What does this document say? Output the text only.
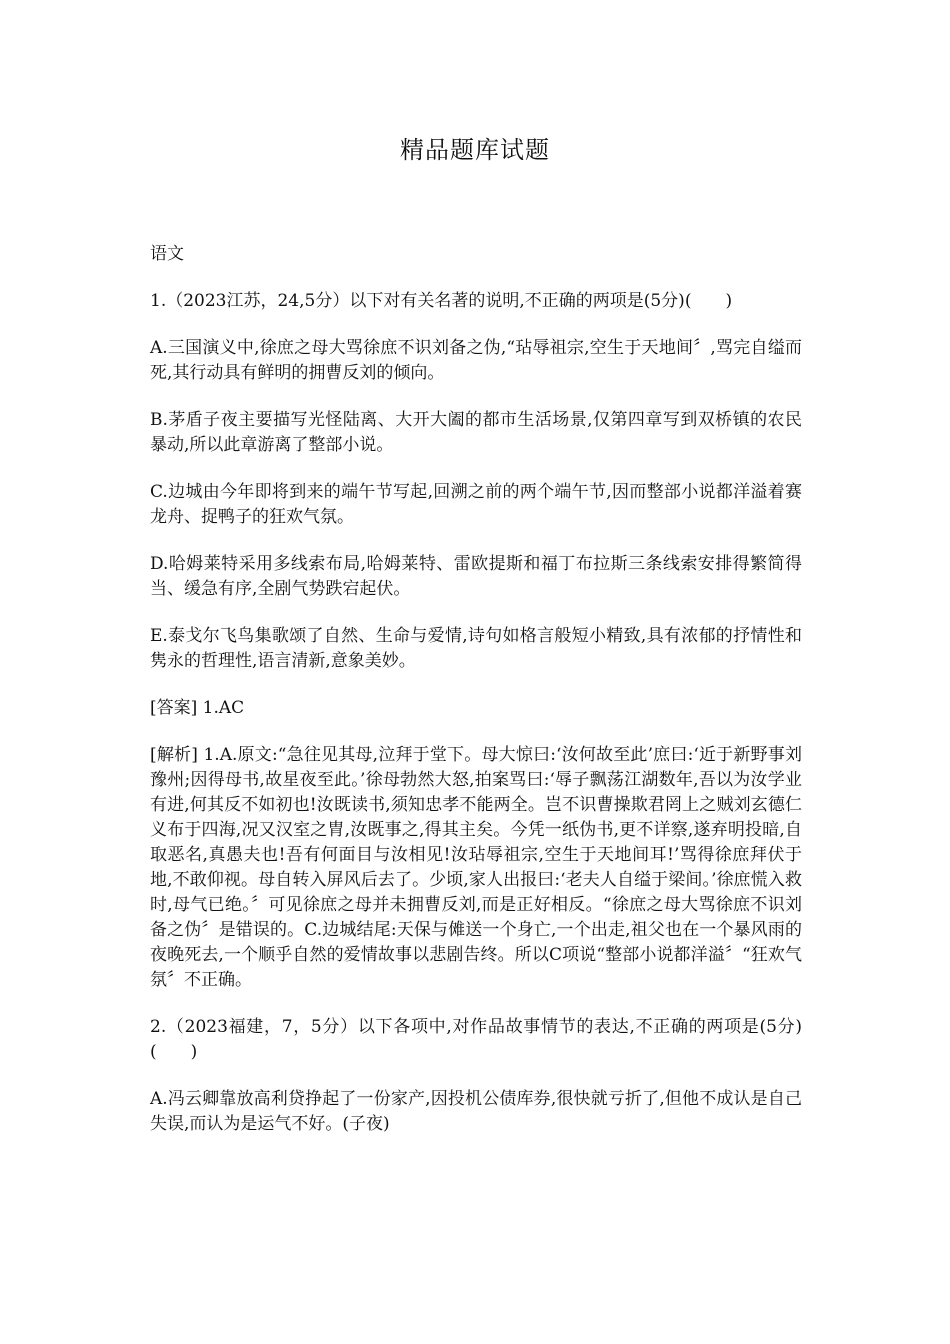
精品题库试题

语文

1.（2023江苏，24,5分）以下对有关名著的说明,不正确的两项是(5分)(　　)

A.三国演义中,徐庶之母大骂徐庶不识刘备之伪,“玷辱祖宗,空生于天地间〞,骂完自缢而死,其行动具有鲜明的拥曹反刘的倾向。

B.茅盾子夜主要描写光怪陆离、大开大阖的都市生活场景,仅第四章写到双桥镇的农民暴动,所以此章游离了整部小说。

C.边城由今年即将到来的端午节写起,回溯之前的两个端午节,因而整部小说都洋溢着赛龙舟、捉鸭子的狂欢气氛。

D.哈姆莱特采用多线索布局,哈姆莱特、雷欧提斯和福丁布拉斯三条线索安排得繁简得当、缓急有序,全剧气势跌宕起伏。

E.泰戈尔飞鸟集歌颂了自然、生命与爱情,诗句如格言般短小精致,具有浓郁的抒情性和隽永的哲理性,语言清新,意象美妙。

[答案] 1.AC

[解析] 1.A.原文:“急往见其母,泣拜于堂下。母大惊曰:‘汝何故至此’庶曰:‘近于新野事刘豫州;因得母书,故星夜至此。’徐母勃然大怒,拍案骂曰:‘辱子飘荡江湖数年,吾以为汝学业有进,何其反不如初也!汝既读书,须知忠孝不能两全。岂不识曹操欺君罔上之贼刘玄德仁义布于四海,况又汉室之胄,汝既事之,得其主矣。今凭一纸伪书,更不详察,遂弃明投暗,自取恶名,真愚夫也!吾有何面目与汝相见!汝玷辱祖宗,空生于天地间耳!’骂得徐庶拜伏于地,不敢仰视。母自转入屏风后去了。少顷,家人出报曰:‘老夫人自缢于梁间。’徐庶慌入救时,母气已绝。〞可见徐庶之母并未拥曹反刘,而是正好相反。“徐庶之母大骂徐庶不识刘备之伪〞是错误的。C.边城结尾:天保与傩送一个身亡,一个出走,祖父也在一个暴风雨的夜晚死去,一个顺乎自然的爱情故事以悲剧告终。所以C项说“整部小说都洋溢〞“狂欢气氛〞不正确。

2.（2023福建，7，5分）以下各项中,对作品故事情节的表达,不正确的两项是(5分)(　　)

A.冯云卿靠放高利贷挣起了一份家产,因投机公债库券,很快就亏折了,但他不成认是自己失误,而认为是运气不好。(子夜)
